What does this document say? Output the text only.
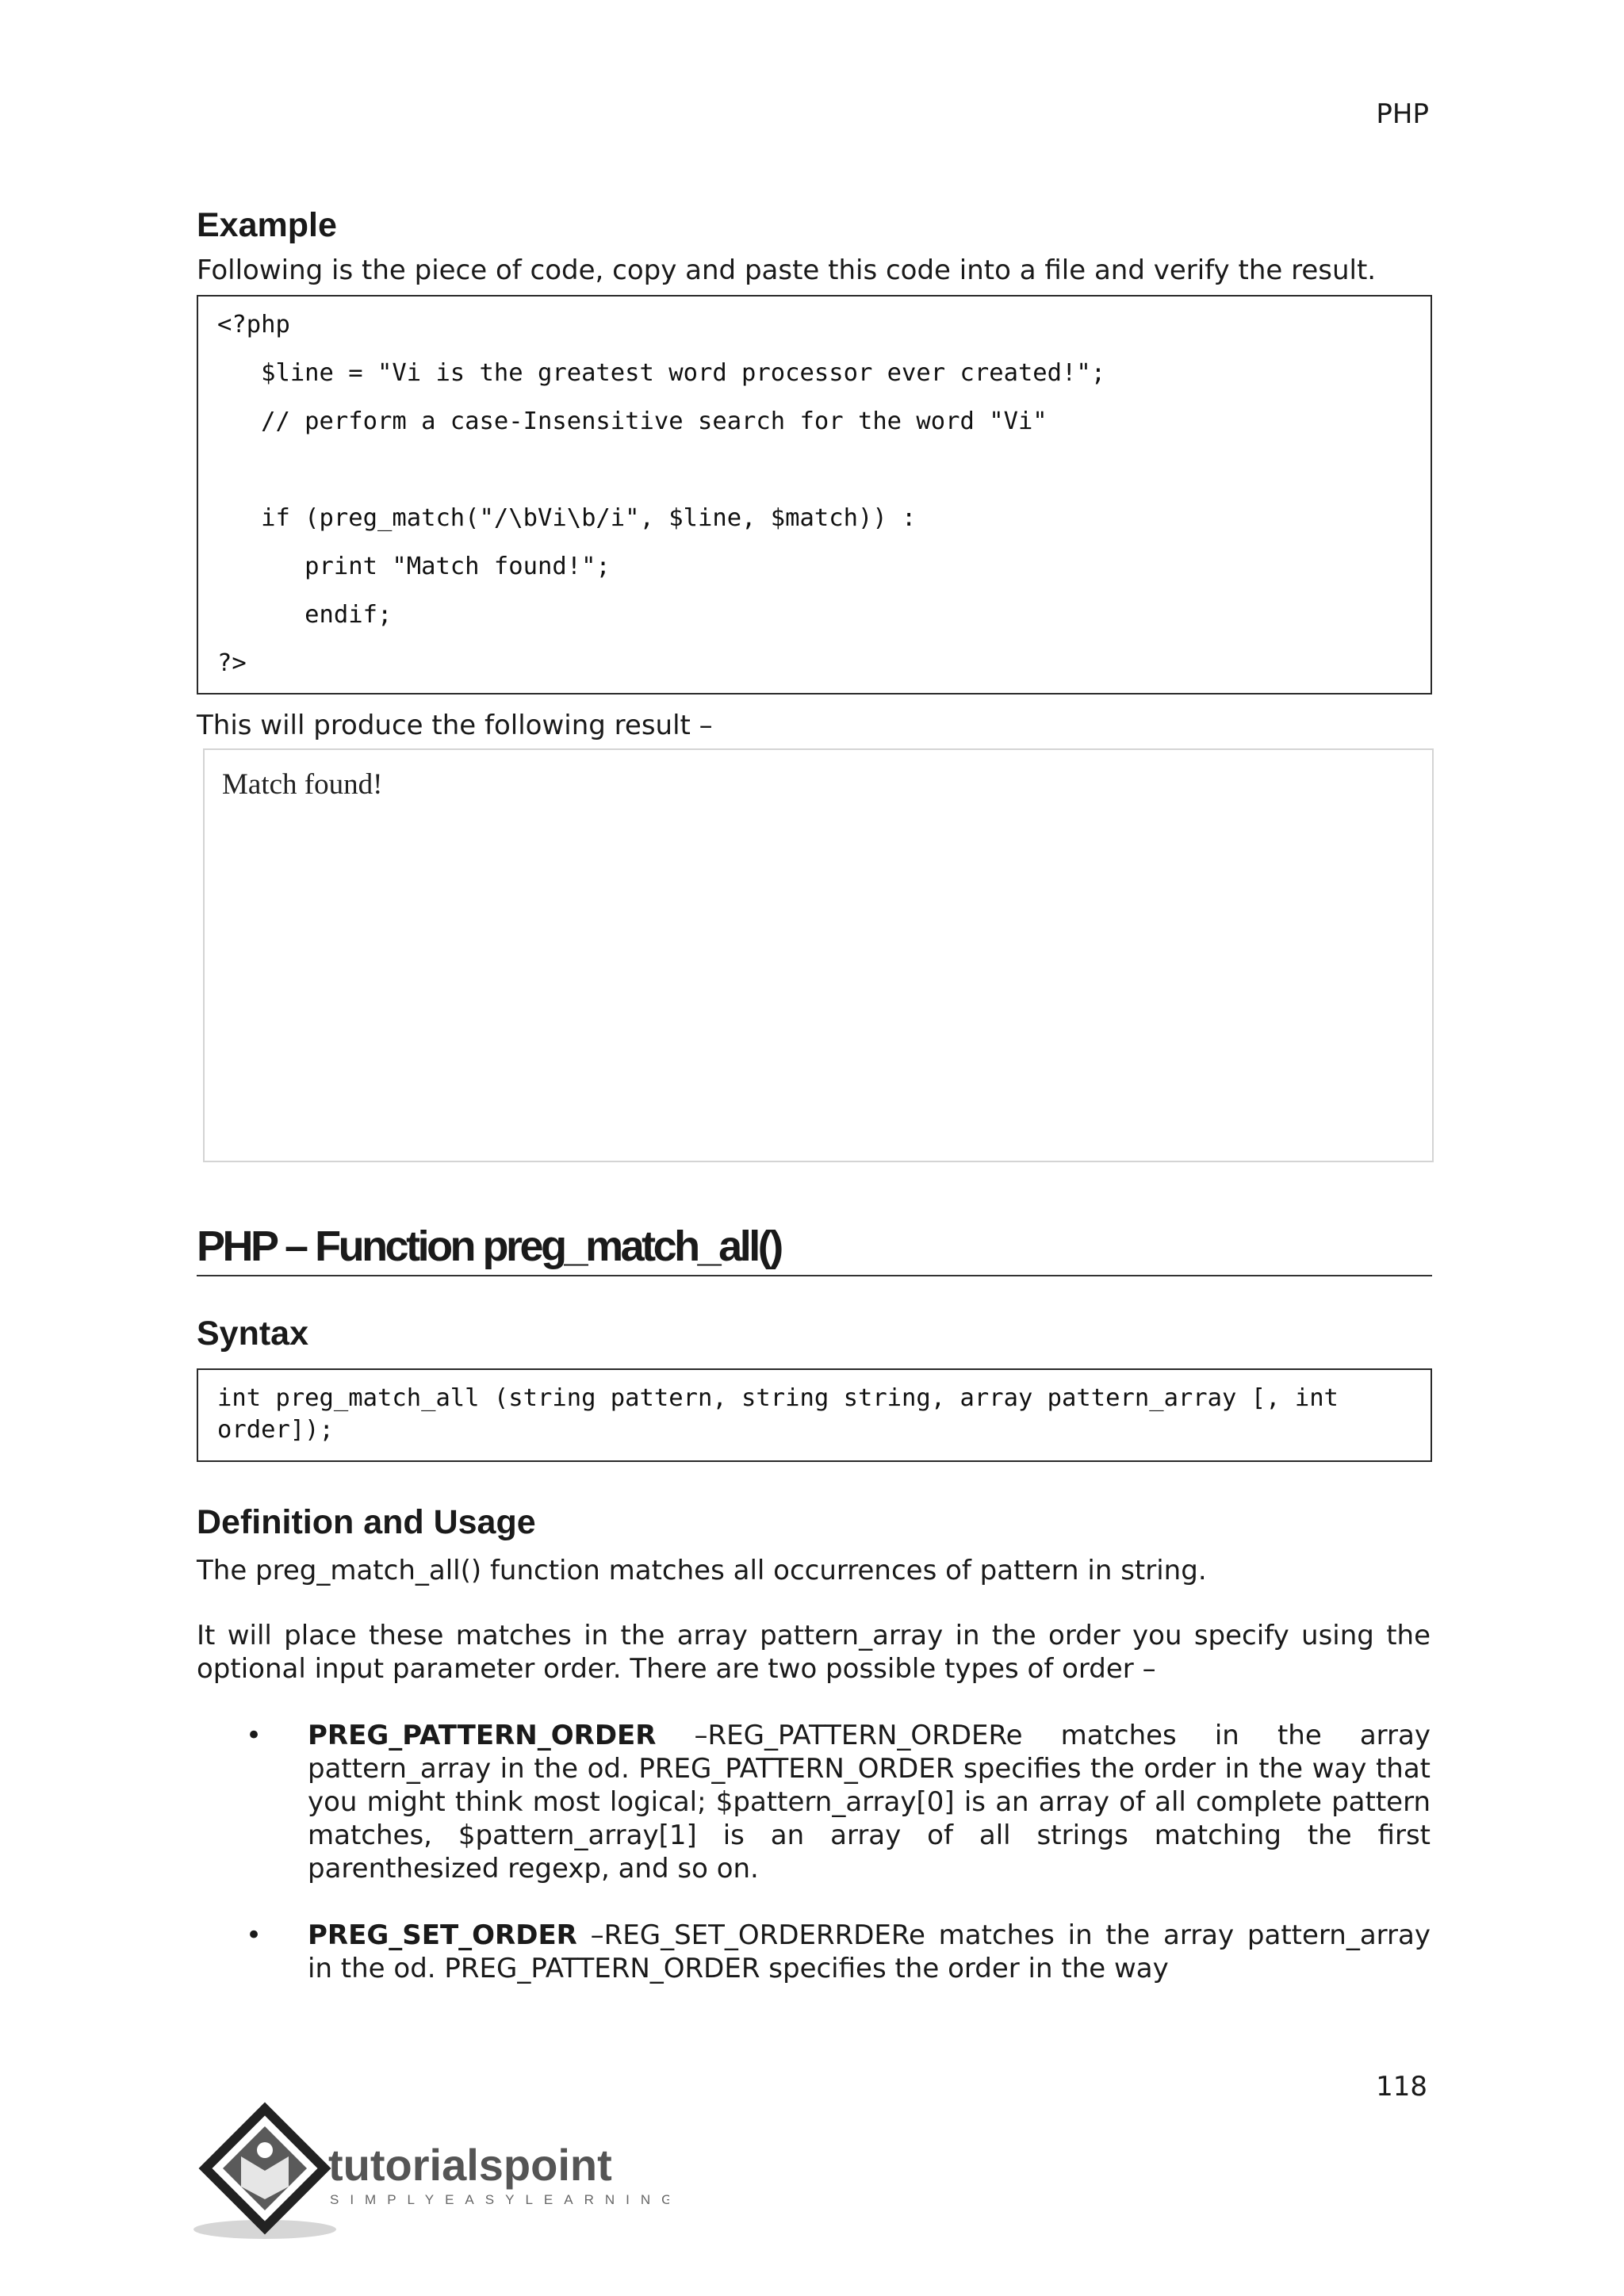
PHP
Example

Following is the piece of code, copy and paste this code into a file and verify the result.

<?php
$line = "Vi is the greatest word processor ever created!";
// perform a case-Insensitive search for the word "Vi"
if (preg_match("/\bVi\b/i", $line, $match)) :
print "Match found!";
endif;
?>

This will produce the following result –

Match found!
PHP – Function preg_match_all()
Syntax
int preg_match_all (string pattern, string string, array pattern_array [, int order]);
Definition and Usage

The preg_match_all() function matches all occurrences of pattern in string.

It will place these matches in the array pattern_array in the order you specify using the optional input parameter order. There are two possible types of order –

• PREG_PATTERN_ORDER –REG_PATTERN_ORDERe matches in the array pattern_array in the od. PREG_PATTERN_ORDER specifies the order in the way that you might think most logical; $pattern_array[0] is an array of all complete pattern matches, $pattern_array[1] is an array of all strings matching the first parenthesized regexp, and so on.
• PREG_SET_ORDER –REG_SET_ORDERRDERe matches in the array pattern_array in the od. PREG_PATTERN_ORDER specifies the order in the way
118
tutorialspoint
SIMPLYEASYLEARNING
